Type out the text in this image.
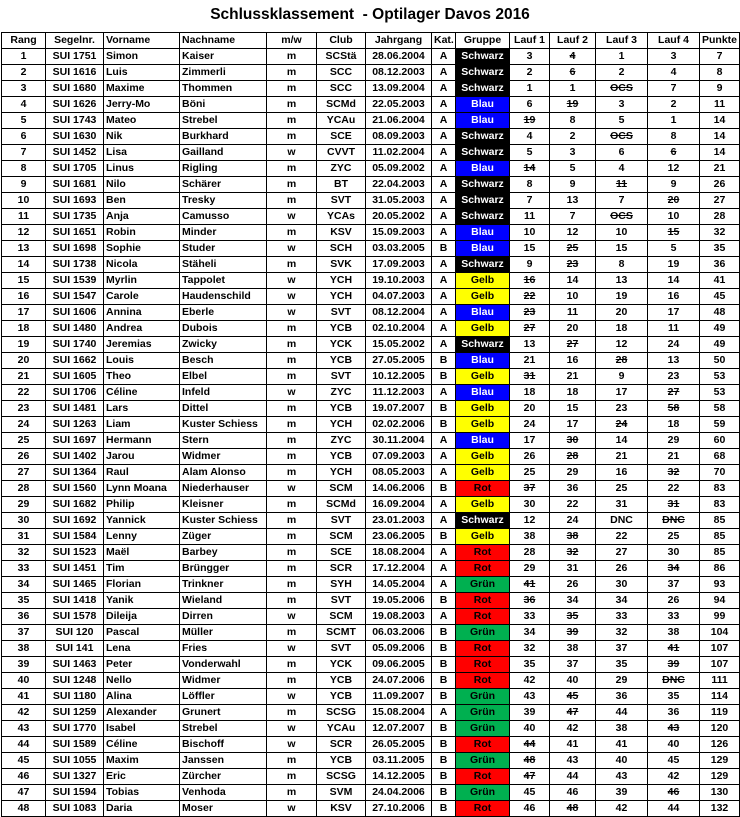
Schlussklassement  - Optilager Davos 2016
Rang	Segelnr.	Vorname	Nachname	m/w	Club	Jahrgang	Kat.	Gruppe	Lauf 1	Lauf 2	Lauf 3	Lauf 4	Punkte
1	SUI 1751	Simon	Kaiser	m	SCStä	28.06.2004	A	Schwarz	3	4	1	3	7
2	SUI 1616	Luis	Zimmerli	m	SCC	08.12.2003	A	Schwarz	2	6	2	4	8
3	SUI 1680	Maxime	Thommen	m	SCC	13.09.2004	A	Schwarz	1	1	OCS	7	9
4	SUI 1626	Jerry-Mo	Böni	m	SCMd	22.05.2003	A	Blau	6	19	3	2	11
5	SUI 1743	Mateo	Strebel	m	YCAu	21.06.2004	A	Blau	19	8	5	1	14
6	SUI 1630	Nik	Burkhard	m	SCE	08.09.2003	A	Schwarz	4	2	OCS	8	14
7	SUI 1452	Lisa	Gailland	w	CVVT	11.02.2004	A	Schwarz	5	3	6	6	14
8	SUI 1705	Linus	Rigling	m	ZYC	05.09.2002	A	Blau	14	5	4	12	21
9	SUI 1681	Nilo	Schärer	m	BT	22.04.2003	A	Schwarz	8	9	11	9	26
10	SUI 1693	Ben	Tresky	m	SVT	31.05.2003	A	Schwarz	7	13	7	20	27
11	SUI 1735	Anja	Camusso	w	YCAs	20.05.2002	A	Schwarz	11	7	OCS	10	28
12	SUI 1651	Robin	Minder	m	KSV	15.09.2003	A	Blau	10	12	10	15	32
13	SUI 1698	Sophie	Studer	w	SCH	03.03.2005	B	Blau	15	25	15	5	35
14	SUI 1738	Nicola	Stäheli	m	SVK	17.09.2003	A	Schwarz	9	23	8	19	36
15	SUI 1539	Myrlin	Tappolet	w	YCH	19.10.2003	A	Gelb	16	14	13	14	41
16	SUI 1547	Carole	Haudenschild	w	YCH	04.07.2003	A	Gelb	22	10	19	16	45
17	SUI 1606	Annina	Eberle	w	SVT	08.12.2004	A	Blau	23	11	20	17	48
18	SUI 1480	Andrea	Dubois	m	YCB	02.10.2004	A	Gelb	27	20	18	11	49
19	SUI 1740	Jeremias	Zwicky	m	YCK	15.05.2002	A	Schwarz	13	27	12	24	49
20	SUI 1662	Louis	Besch	m	YCB	27.05.2005	B	Blau	21	16	28	13	50
21	SUI 1605	Theo	Elbel	m	SVT	10.12.2005	B	Gelb	31	21	9	23	53
22	SUI 1706	Céline	Infeld	w	ZYC	11.12.2003	A	Blau	18	18	17	27	53
23	SUI 1481	Lars	Dittel	m	YCB	19.07.2007	B	Gelb	20	15	23	58	58
24	SUI 1263	Liam	Kuster Schiess	m	YCH	02.02.2006	B	Gelb	24	17	24	18	59
25	SUI 1697	Hermann	Stern	m	ZYC	30.11.2004	A	Blau	17	30	14	29	60
26	SUI 1402	Jarou	Widmer	m	YCB	07.09.2003	A	Gelb	26	28	21	21	68
27	SUI 1364	Raul	Alam Alonso	m	YCH	08.05.2003	A	Gelb	25	29	16	32	70
28	SUI 1560	Lynn Moana	Niederhauser	w	SCM	14.06.2006	B	Rot	37	36	25	22	83
29	SUI 1682	Philip	Kleisner	m	SCMd	16.09.2004	A	Gelb	30	22	31	31	83
30	SUI 1692	Yannick	Kuster Schiess	m	SVT	23.01.2003	A	Schwarz	12	24	DNC	DNC	85
31	SUI 1584	Lenny	Züger	m	SCM	23.06.2005	B	Gelb	38	38	22	25	85
32	SUI 1523	Maël	Barbey	m	SCE	18.08.2004	A	Rot	28	32	27	30	85
33	SUI 1451	Tim	Brüngger	m	SCR	17.12.2004	A	Rot	29	31	26	34	86
34	SUI 1465	Florian	Trinkner	m	SYH	14.05.2004	A	Grün	41	26	30	37	93
35	SUI 1418	Yanik	Wieland	m	SVT	19.05.2006	B	Rot	36	34	34	26	94
36	SUI 1578	Dileija	Dirren	w	SCM	19.08.2003	A	Rot	33	35	33	33	99
37	SUI 120	Pascal	Müller	m	SCMT	06.03.2006	B	Grün	34	39	32	38	104
38	SUI 141	Lena	Fries	w	SVT	05.09.2006	B	Rot	32	38	37	41	107
39	SUI 1463	Peter	Vonderwahl	m	YCK	09.06.2005	B	Rot	35	37	35	39	107
40	SUI 1248	Nello	Widmer	m	YCB	24.07.2006	B	Rot	42	40	29	DNC	111
41	SUI 1180	Alina	Löffler	w	YCB	11.09.2007	B	Grün	43	45	36	35	114
42	SUI 1259	Alexander	Grunert	m	SCSG	15.08.2004	A	Grün	39	47	44	36	119
43	SUI 1770	Isabel	Strebel	w	YCAu	12.07.2007	B	Grün	40	42	38	43	120
44	SUI 1589	Céline	Bischoff	w	SCR	26.05.2005	B	Rot	44	41	41	40	126
45	SUI 1055	Maxim	Janssen	m	YCB	03.11.2005	B	Grün	48	43	40	45	129
46	SUI 1327	Eric	Zürcher	m	SCSG	14.12.2005	B	Rot	47	44	43	42	129
47	SUI 1594	Tobias	Venhoda	m	SVM	24.04.2006	B	Grün	45	46	39	46	130
48	SUI 1083	Daria	Moser	w	KSV	27.10.2006	B	Rot	46	48	42	44	132
